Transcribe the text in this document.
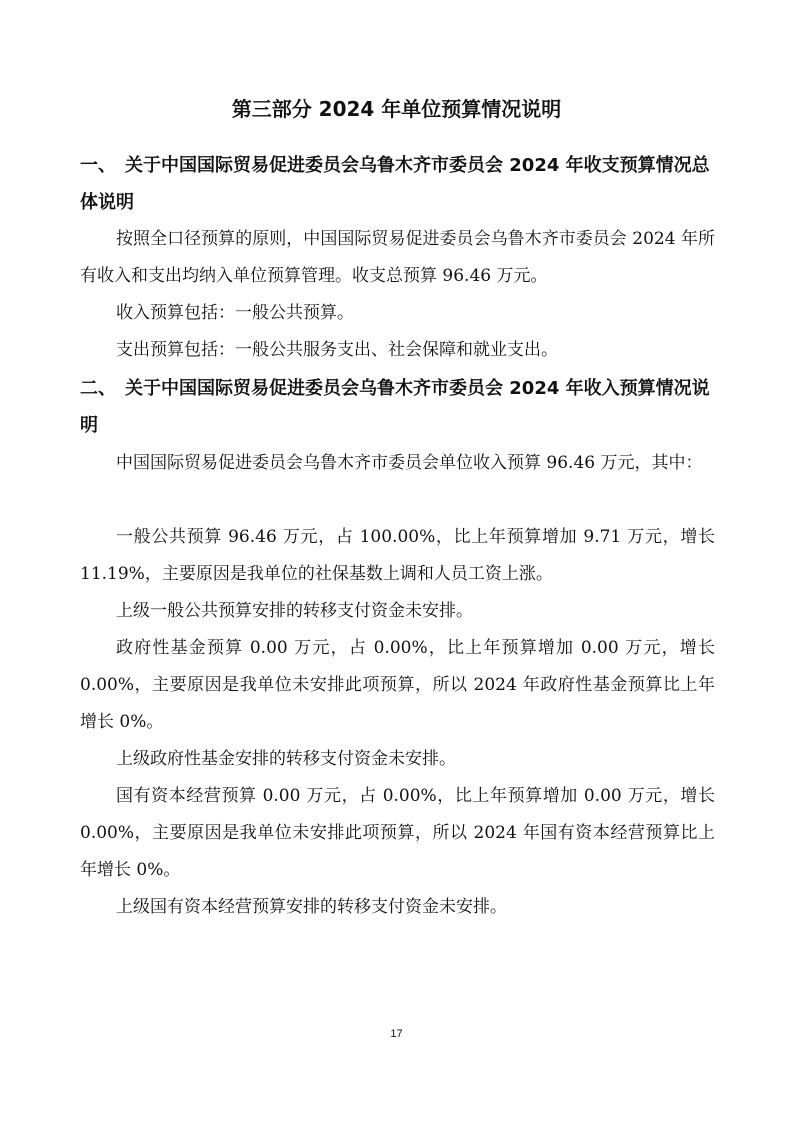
第三部分 2024 年单位预算情况说明
一、　关于中国国际贸易促进委员会乌鲁木齐市委员会 2024 年收支预算情况总体说明

按照全口径预算的原则，中国国际贸易促进委员会乌鲁木齐市委员会 2024 年所有收入和支出均纳入单位预算管理。收支总预算 96.46 万元。

收入预算包括：一般公共预算。

支出预算包括：一般公共服务支出、社会保障和就业支出。

二、　关于中国国际贸易促进委员会乌鲁木齐市委员会 2024 年收入预算情况说明

中国国际贸易促进委员会乌鲁木齐市委员会单位收入预算 96.46 万元，其中：

一般公共预算 96.46 万元，占 100.00%，比上年预算增加 9.71 万元，增长 11.19%，主要原因是我单位的社保基数上调和人员工资上涨。

上级一般公共预算安排的转移支付资金未安排。

政府性基金预算 0.00 万元，占 0.00%，比上年预算增加 0.00 万元，增长 0.00%，主要原因是我单位未安排此项预算，所以 2024 年政府性基金预算比上年增长 0%。

上级政府性基金安排的转移支付资金未安排。

国有资本经营预算 0.00 万元，占 0.00%，比上年预算增加 0.00 万元，增长 0.00%，主要原因是我单位未安排此项预算，所以 2024 年国有资本经营预算比上年增长 0%。

上级国有资本经营预算安排的转移支付资金未安排。

17
